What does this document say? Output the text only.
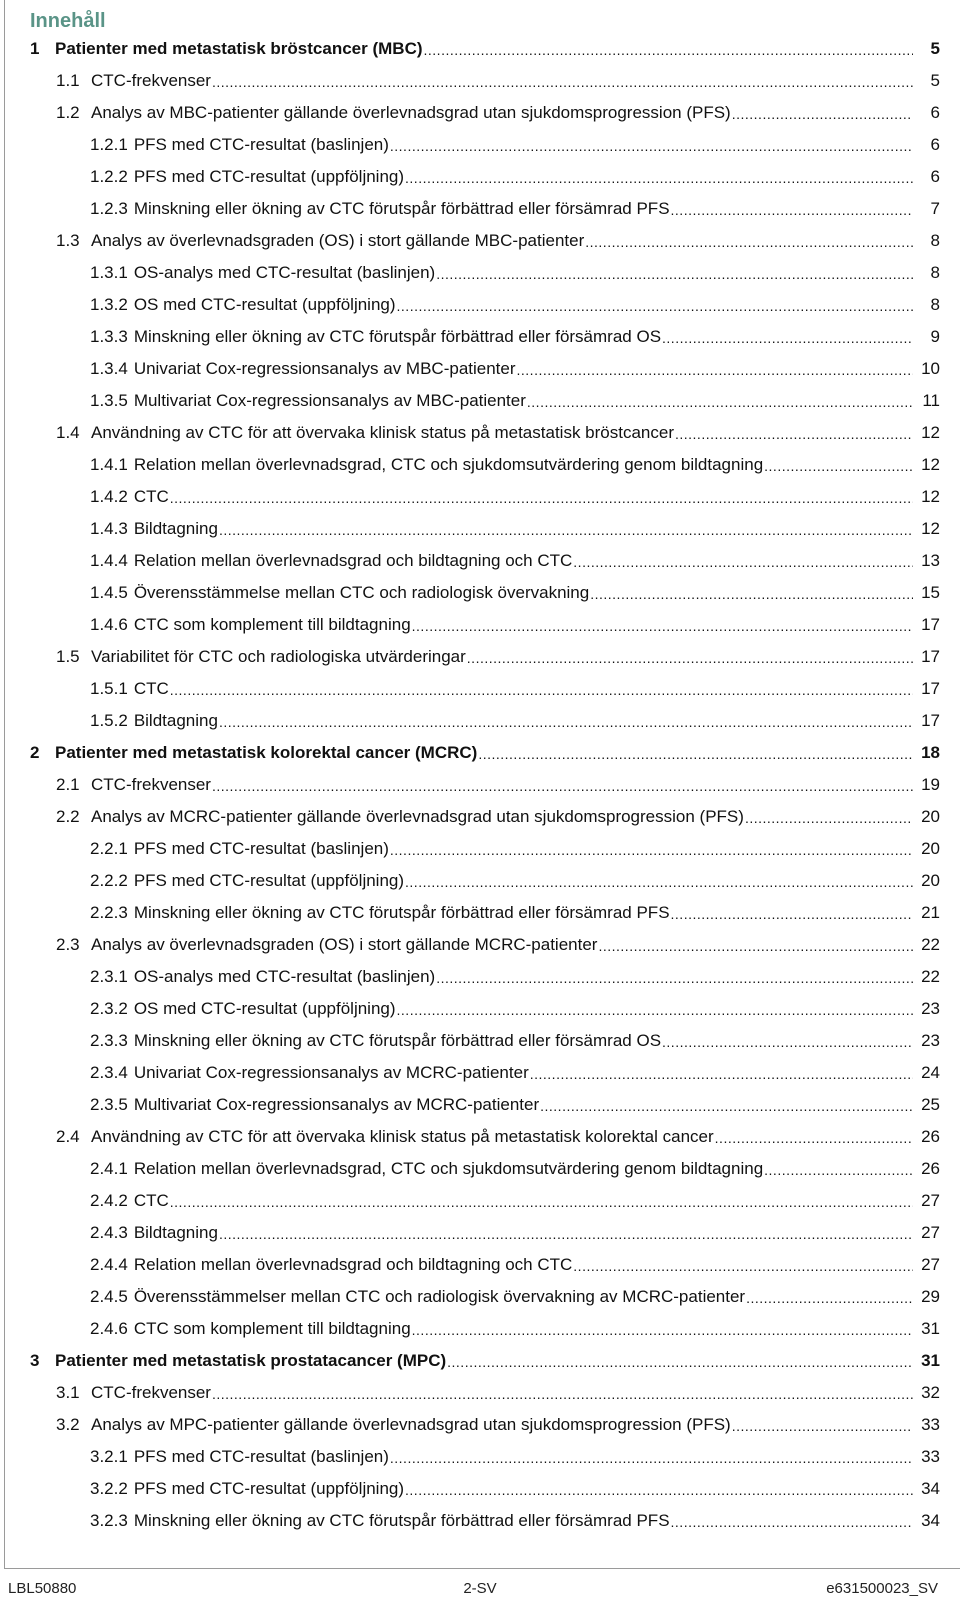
Innehåll
1 Patienter med metastatisk bröstcancer (MBC) .....	5
1.1 CTC-frekvenser .....	5
1.2 Analys av MBC-patienter gällande överlevnadsgrad utan sjukdomsprogression (PFS) .....	6
1.2.1 PFS med CTC-resultat (baslinjen) .....	6
1.2.2 PFS med CTC-resultat (uppföljning) .....	6
1.2.3 Minskning eller ökning av CTC förutspår förbättrad eller försämrad PFS .....	7
1.3 Analys av överlevnadsgraden (OS) i stort gällande MBC-patienter .....	8
1.3.1 OS-analys med CTC-resultat (baslinjen) .....	8
1.3.2 OS med CTC-resultat (uppföljning) .....	8
1.3.3 Minskning eller ökning av CTC förutspår förbättrad eller försämrad OS .....	9
1.3.4 Univariat Cox-regressionsanalys av MBC-patienter .....	10
1.3.5 Multivariat Cox-regressionsanalys av MBC-patienter .....	11
1.4 Användning av CTC för att övervaka klinisk status på metastatisk bröstcancer .....	12
1.4.1 Relation mellan överlevnadsgrad, CTC och sjukdomsutvärdering genom bildtagning .....	12
1.4.2 CTC .....	12
1.4.3 Bildtagning .....	12
1.4.4 Relation mellan överlevnadsgrad och bildtagning och CTC .....	13
1.4.5 Överensstämmelse mellan CTC och radiologisk övervakning .....	15
1.4.6 CTC som komplement till bildtagning .....	17
1.5 Variabilitet för CTC och radiologiska utvärderingar .....	17
1.5.1 CTC .....	17
1.5.2 Bildtagning .....	17
2 Patienter med metastatisk kolorektal cancer (MCRC) .....	18
2.1 CTC-frekvenser .....	19
2.2 Analys av MCRC-patienter gällande överlevnadsgrad utan sjukdomsprogression (PFS) .....	20
2.2.1 PFS med CTC-resultat (baslinjen) .....	20
2.2.2 PFS med CTC-resultat (uppföljning) .....	20
2.2.3 Minskning eller ökning av CTC förutspår förbättrad eller försämrad PFS .....	21
2.3 Analys av överlevnadsgraden (OS) i stort gällande MCRC-patienter .....	22
2.3.1 OS-analys med CTC-resultat (baslinjen) .....	22
2.3.2 OS med CTC-resultat (uppföljning) .....	23
2.3.3 Minskning eller ökning av CTC förutspår förbättrad eller försämrad OS .....	23
2.3.4 Univariat Cox-regressionsanalys av MCRC-patienter .....	24
2.3.5 Multivariat Cox-regressionsanalys av MCRC-patienter .....	25
2.4 Användning av CTC för att övervaka klinisk status på metastatisk kolorektal cancer .....	26
2.4.1 Relation mellan överlevnadsgrad, CTC och sjukdomsutvärdering genom bildtagning .....	26
2.4.2 CTC .....	27
2.4.3 Bildtagning .....	27
2.4.4 Relation mellan överlevnadsgrad och bildtagning och CTC .....	27
2.4.5 Överensstämmelser mellan CTC och radiologisk övervakning av MCRC-patienter .....	29
2.4.6 CTC som komplement till bildtagning .....	31
3 Patienter med metastatisk prostatacancer (MPC) .....	31
3.1 CTC-frekvenser .....	32
3.2 Analys av MPC-patienter gällande överlevnadsgrad utan sjukdomsprogression (PFS) .....	33
3.2.1 PFS med CTC-resultat (baslinjen) .....	33
3.2.2 PFS med CTC-resultat (uppföljning) .....	34
3.2.3 Minskning eller ökning av CTC förutspår förbättrad eller försämrad PFS .....	34
LBL50880	2-SV	e631500023_SV
